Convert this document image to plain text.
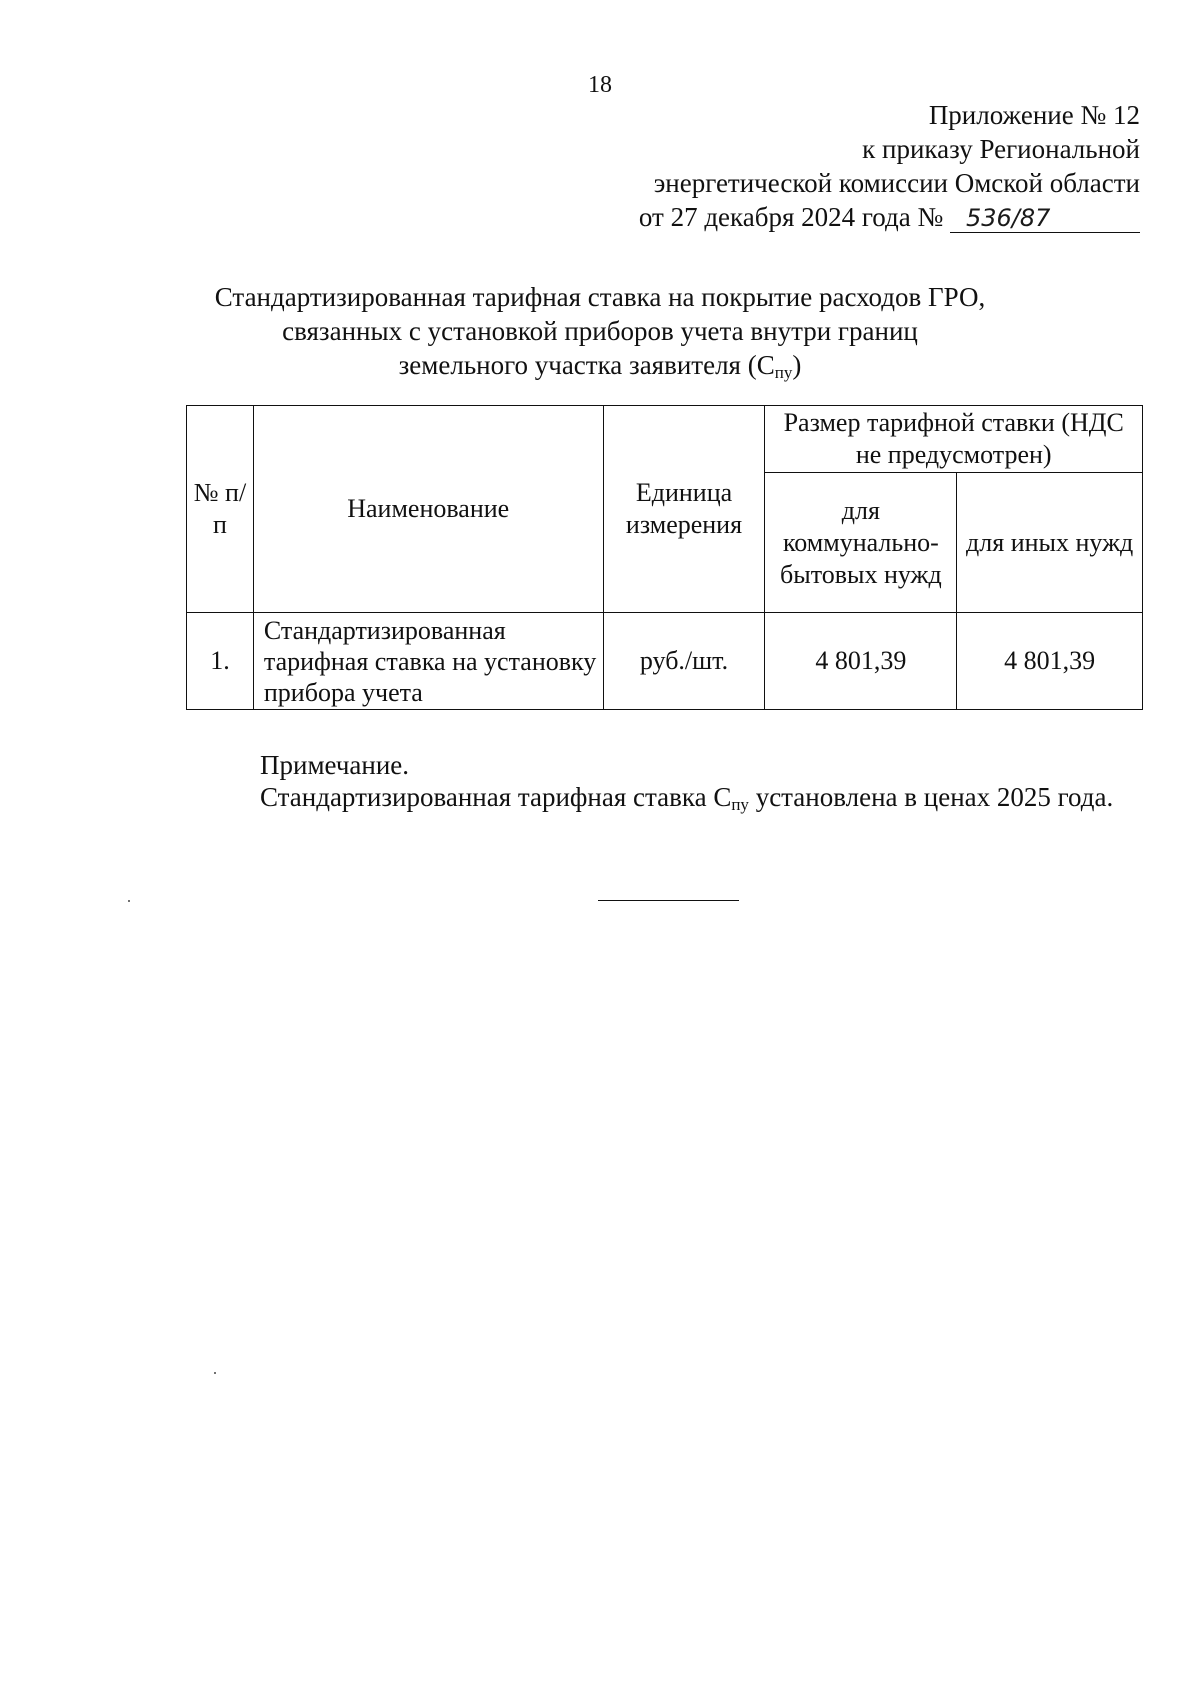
18
Приложение № 12
к приказу Региональной
энергетической комиссии Омской области
от 27 декабря 2024 года № 536/87
Стандартизированная тарифная ставка на покрытие расходов ГРО,
связанных с установкой приборов учета внутри границ
земельного участка заявителя $(С_{пу})$
№ п/п	Наименование	Единица измерения	Размер тарифной ставки (НДС не предусмотрен)	
			для коммунально-бытовых нужд	для иных нужд
1.	Стандартизированная тарифная ставка на установку прибора учета	руб./шт.	4 801,39	4 801,39
Примечание.
Стандартизированная тарифная ставка $С_{пу}$ установлена в ценах 2025 года.
